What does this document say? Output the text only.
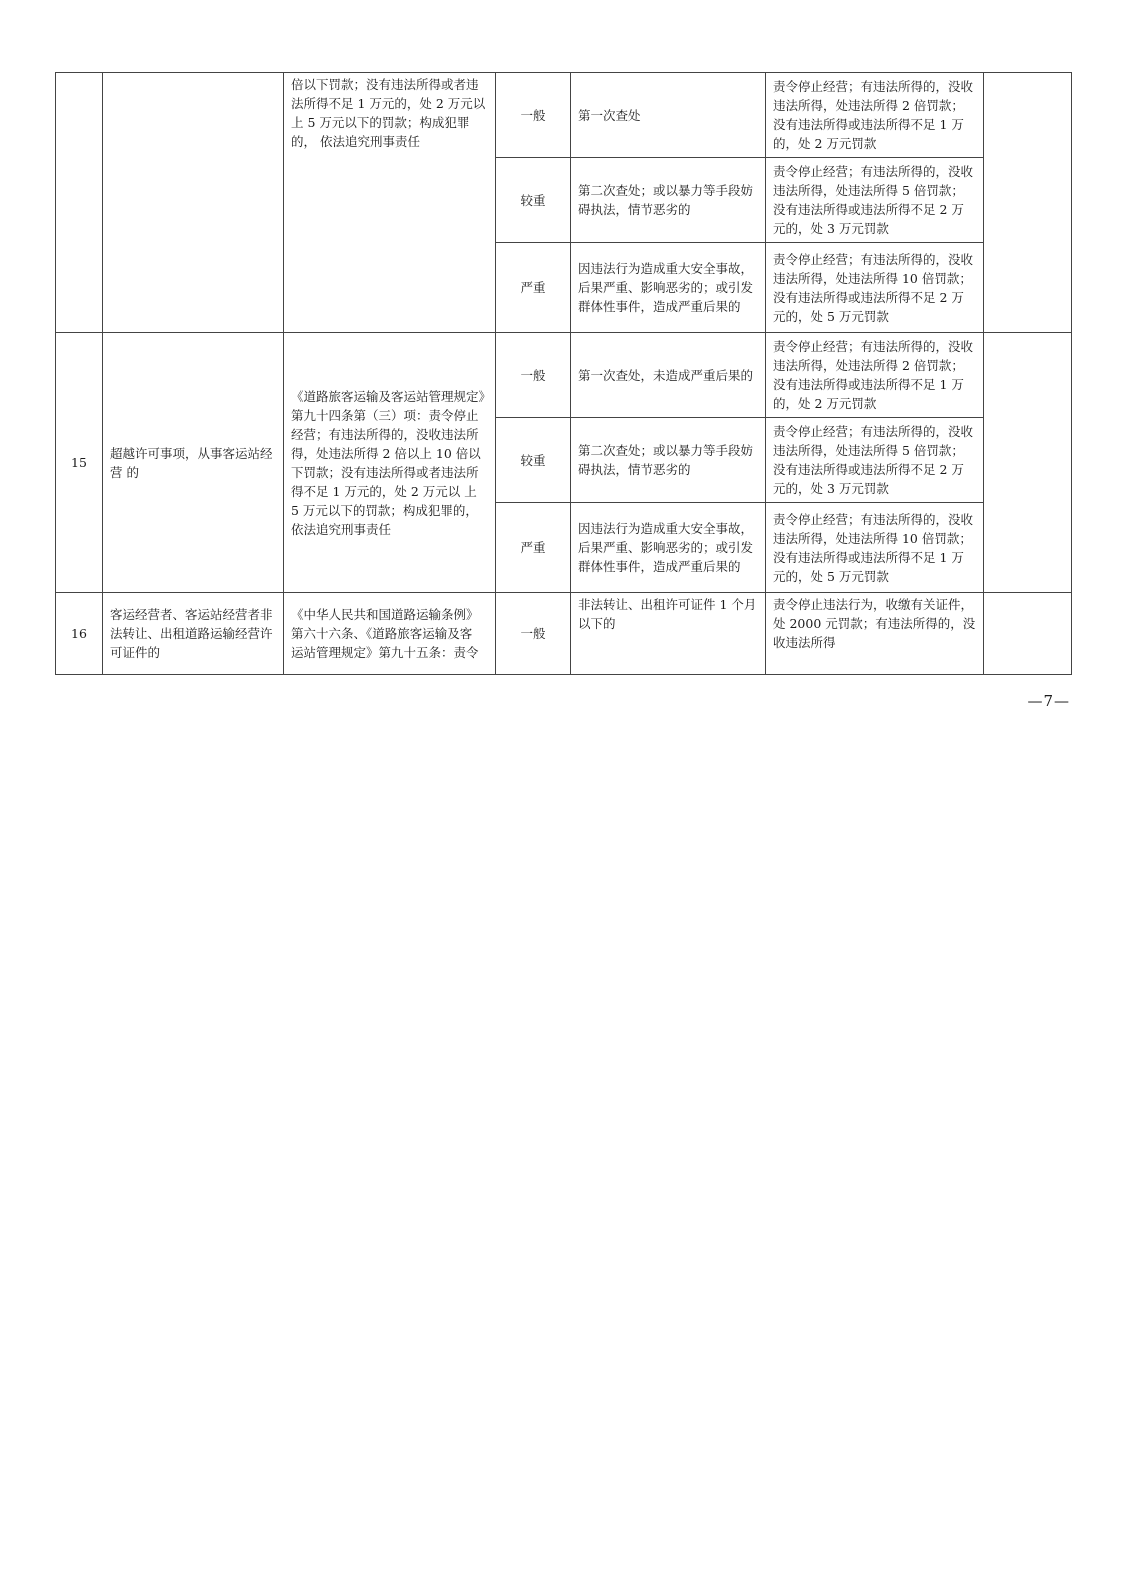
		倍以下罚款；没有违法所得或者违法所得不足 1 万元的，处 2 万元以 上 5 万元以下的罚款；构成犯罪的， 依法追究刑事责任	一般	第一次查处	责令停止经营；有违法所得的，没收违法所得，处违法所得 2 倍罚款； 没有违法所得或违法所得不足 1 万 的，处 2 万元罚款	
			较重	第二次查处；或以暴力等手段妨碍执法，情节恶劣的	责令停止经营；有违法所得的，没收违法所得，处违法所得 5 倍罚款； 没有违法所得或违法所得不足 2 万 元的，处 3 万元罚款	
			严重	因违法行为造成重大安全事故， 后果严重、影响恶劣的；或引发 群体性事件，造成严重后果的	责令停止经营；有违法所得的，没收违法所得，处违法所得 10 倍罚款；没有违法所得或违法所得不足 2 万元的，处 5 万元罚款	
15	超越许可事项，从事客运站经营 的	《道路旅客运输及客运站管理规定》第九十四条第（三）项：责令停止经营；有违法所得的，没收违法所得，处违法所得 2 倍以上 10 倍以下罚款；没有违法所得或者违法所得不足 1 万元的，处 2 万元以 上 5 万元以下的罚款；构成犯罪的， 依法追究刑事责任	一般	第一次查处，未造成严重后果的	责令停止经营；有违法所得的，没收违法所得，处违法所得 2 倍罚款； 没有违法所得或违法所得不足 1 万 的，处 2 万元罚款	
			较重	第二次查处；或以暴力等手段妨碍执法，情节恶劣的	责令停止经营；有违法所得的，没收违法所得，处违法所得 5 倍罚款； 没有违法所得或违法所得不足 2 万 元的，处 3 万元罚款	
			严重	因违法行为造成重大安全事故， 后果严重、影响恶劣的；或引发 群体性事件，造成严重后果的	责令停止经营；有违法所得的，没收违法所得，处违法所得 10 倍罚款；没有违法所得或违法所得不足 1 万元的，处 5 万元罚款	
16	客运经营者、客运站经营者非法转让、出租道路运输经营许可证件的	《中华人民共和国道路运输条例》 第六十六条、《道路旅客运输及客 运站管理规定》第九十五条：责令	一般	非法转让、出租许可证件 1 个月 以下的	责令停止违法行为，收缴有关证件，处 2000 元罚款；有违法所得的，没收违法所得	
—7—
